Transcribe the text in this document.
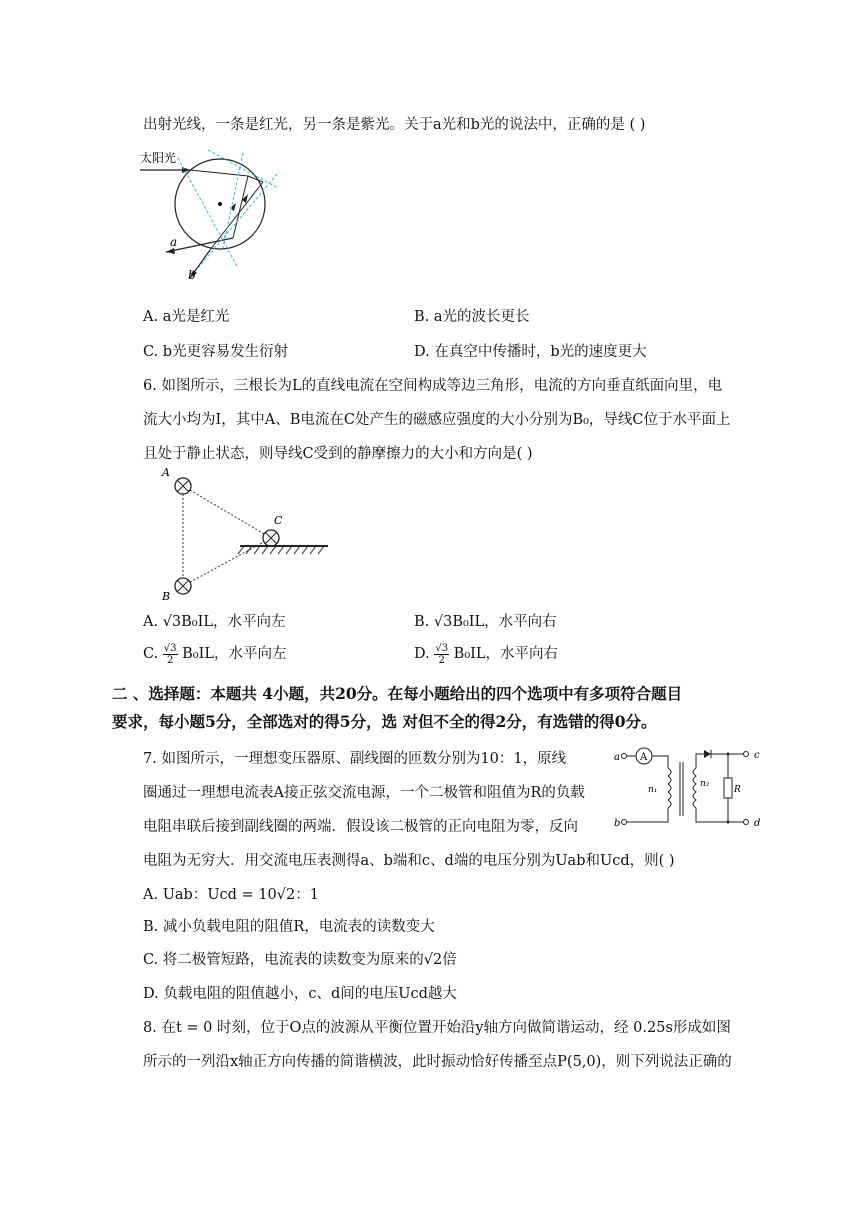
出射光线，一条是红光，另一条是紫光。关于a光和b光的说法中，正确的是 ( )
太阳光
a
b
A. a光是红光	B. a光的波长更长
C. b光更容易发生衍射	D. 在真空中传播时，b光的速度更大
6. 如图所示，三根长为L的直线电流在空间构成等边三角形，电流的方向垂直纸面向里，电
流大小均为I，其中A、B电流在C处产生的磁感应强度的大小分别为B₀，导线C位于水平面上
且处于静止状态，则导线C受到的静摩擦力的大小和方向是( )
A
B
C
A. √3B₀IL，水平向左	B. √3B₀IL，水平向右
C. $\frac{√3}{2} B_0IL$，水平向左	D. $\frac{√3}{2} B_0IL$，水平向右
二 、选择题：本题共 4小题，共20分。在每小题给出的四个选项中有多项符合题目
要求，每小题5分，全部选对的得5分，选 对但不全的得2分，有选错的得0分。
7. 如图所示，一理想变压器原、副线圈的匝数分别为10：1，原线
圈通过一理想电流表A接正弦交流电源，一个二极管和阻值为R的负载
电阻串联后接到副线圈的两端．假设该二极管的正向电阻为零，反向
电阻为无穷大．用交流电压表测得a、b端和c、d端的电压分别为Uab和Ucd，则( )
a
b
c
d
A
n₁
n₂
R
A. Uab：Ucd = 10√2：1
B. 减小负载电阻的阻值R，电流表的读数变大
C. 将二极管短路，电流表的读数变为原来的√2倍
D. 负载电阻的阻值越小，c、d间的电压Ucd越大
8. 在t = 0 时刻，位于O点的波源从平衡位置开始沿y轴方向做简谐运动，经 0.25s形成如图
所示的一列沿x轴正方向传播的简谐横波，此时振动恰好传播至点P(5,0)，则下列说法正确的
